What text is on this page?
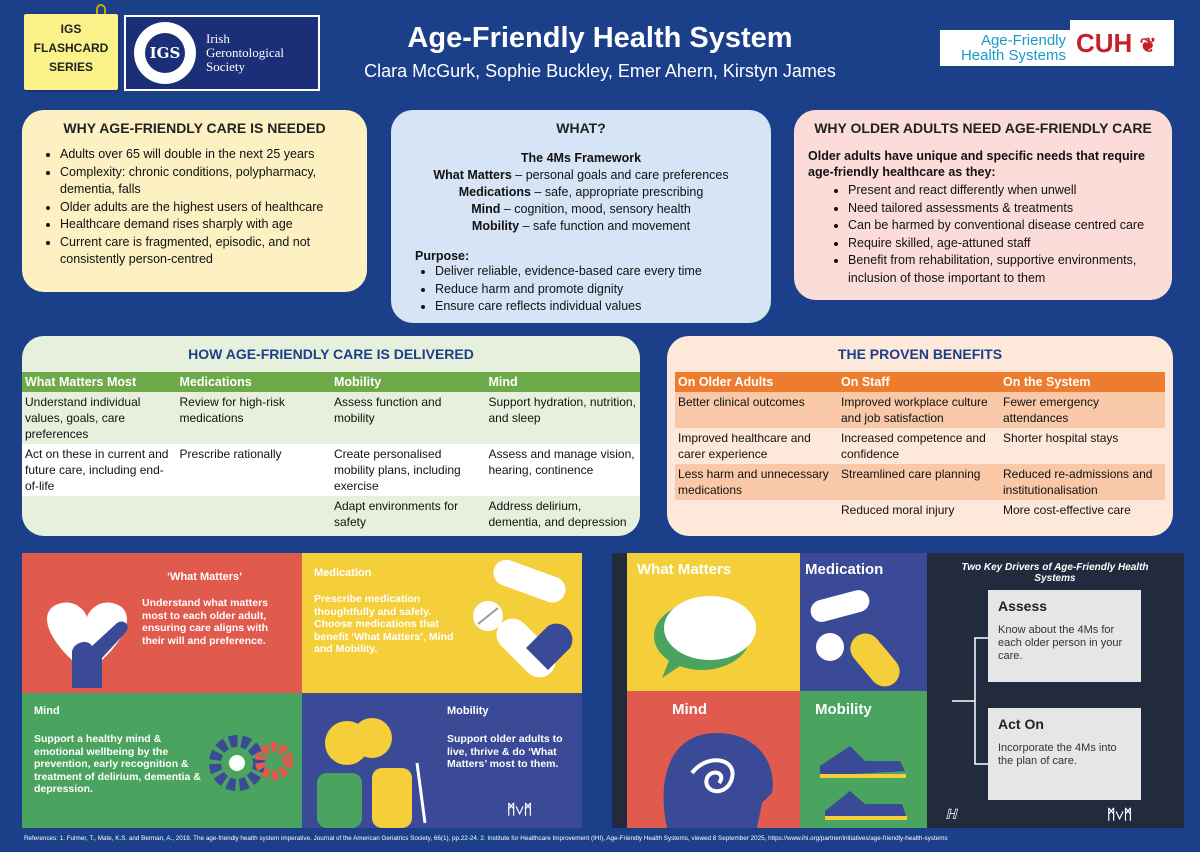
IGS
FLASHCARD
SERIES
IGS
Irish
Gerontological
Society
Age-Friendly Health System
Clara McGurk, Sophie Buckley, Emer Ahern, Kirstyn James
Age-Friendly
Health Systems CUH ❦
WHY AGE-FRIENDLY CARE IS NEEDED
• Adults over 65 will double in the next 25 years
• Complexity: chronic conditions, polypharmacy, dementia, falls
• Older adults are the highest users of healthcare
• Healthcare demand rises sharply with age
• Current care is fragmented, episodic, and not consistently person-centred
WHAT?
The 4Ms Framework
What Matters – personal goals and care preferences
Medications – safe, appropriate prescribing
Mind – cognition, mood, sensory health
Mobility – safe function and movement
Purpose:
• Deliver reliable, evidence-based care every time
• Reduce harm and promote dignity
• Ensure care reflects individual values
WHY OLDER ADULTS NEED AGE-FRIENDLY CARE
Older adults have unique and specific needs that require age-friendly healthcare as they:
• Present and react differently when unwell
• Need tailored assessments & treatments
• Can be harmed by conventional disease centred care
• Require skilled, age-attuned staff
• Benefit from rehabilitation, supportive environments, inclusion of those important to them
HOW AGE-FRIENDLY CARE IS DELIVERED
What Matters Most	Medications	Mobility	Mind
Understand individual values, goals, care preferences	Review for high-risk medications	Assess function and mobility	Support hydration, nutrition, and sleep
Act on these in current and future care, including end-of-life	Prescribe rationally	Create personalised mobility plans, including exercise	Assess and manage vision, hearing, continence
		Adapt environments for safety	Address delirium, dementia, and depression
THE PROVEN BENEFITS
On Older Adults	On Staff	On the System
Better clinical outcomes	Improved workplace culture and job satisfaction	Fewer emergency attendances
Improved healthcare and carer experience	Increased competence and confidence	Shorter hospital stays
Less harm and unnecessary medications	Streamlined care planning	Reduced re-admissions and institutionalisation
	Reduced moral injury	More cost-effective care
‘What Matters’
Understand what matters most to each older adult, ensuring care aligns with their will and preference.
Medication
Prescribe medication thoughtfully and safely. Choose medications that benefit ‘What Matters’, Mind and Mobility.
Mind
Support a healthy mind & emotional wellbeing by the prevention, early recognition & treatment of delirium, dementia & depression.
Mobility
Support older adults to live, thrive & do ‘What Matters’ most to them.
ᛗ⋁ᛗ
What Matters	Medication
Mind	Mobility
Two Key Drivers of Age-Friendly Health Systems
Assess
Know about the 4Ms for each older person in your care.
Act On
Incorporate the 4Ms into the plan of care.
ℍ	ᛗ⋁ᛗ
References: 1. Fulmer, T., Mate, K.S. and Berman, A., 2018. The age-friendly health system imperative. Journal of the American Geriatrics Society, 66(1), pp.22-24. 2. Institute for Healthcare Improvement (IHI), Age-Friendly Health Systems, viewed 8 September 2025, https://www.ihi.org/partner/initiatives/age-friendly-health-systems
